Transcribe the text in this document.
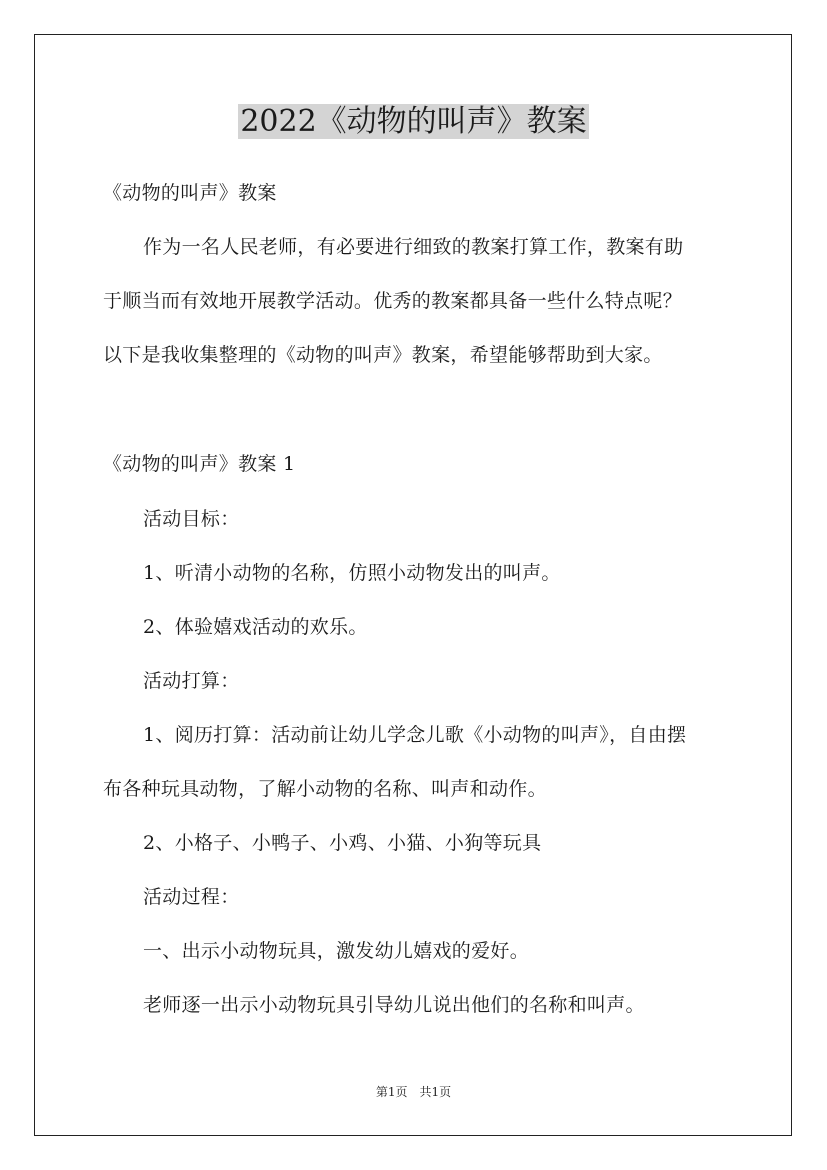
2022《动物的叫声》教案
《动物的叫声》教案
作为一名人民老师，有必要进行细致的教案打算工作，教案有助
于顺当而有效地开展教学活动。优秀的教案都具备一些什么特点呢？
以下是我收集整理的《动物的叫声》教案，希望能够帮助到大家。
《动物的叫声》教案 1
活动目标：
1、听清小动物的名称，仿照小动物发出的叫声。
2、体验嬉戏活动的欢乐。
活动打算：
1、阅历打算：活动前让幼儿学念儿歌《小动物的叫声》，自由摆
布各种玩具动物，了解小动物的名称、叫声和动作。
2、小格子、小鸭子、小鸡、小猫、小狗等玩具
活动过程：
一、出示小动物玩具，激发幼儿嬉戏的爱好。
老师逐一出示小动物玩具引导幼儿说出他们的名称和叫声。
第1页　共1页
